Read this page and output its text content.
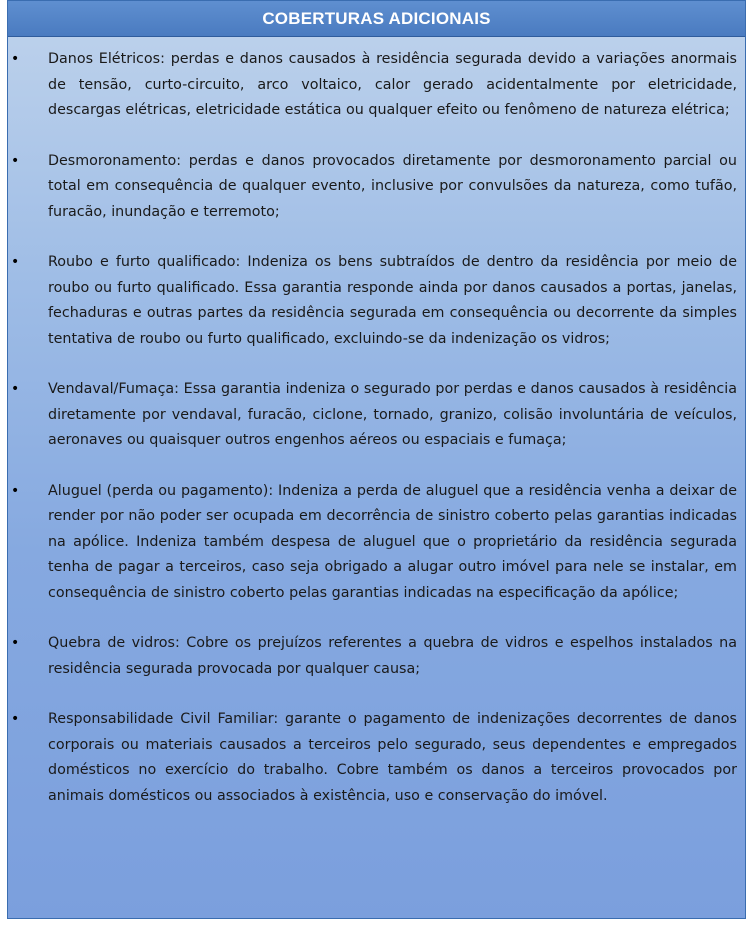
COBERTURAS ADICIONAIS
•	Danos Elétricos: perdas e danos causados à residência segurada devido a variações anormais de tensão, curto-circuito, arco voltaico, calor gerado acidentalmente por eletricidade, descargas elétricas, eletricidade estática ou qualquer efeito ou fenômeno de natureza elétrica;
•	Desmoronamento: perdas e danos provocados diretamente por desmoronamento parcial ou total em consequência de qualquer evento, inclusive por convulsões da natureza, como tufão, furacão, inundação e terremoto;
•	Roubo e furto qualificado: Indeniza os bens subtraídos de dentro da residência por meio de roubo ou furto qualificado. Essa garantia responde ainda por danos causados a portas, janelas, fechaduras e outras partes da residência segurada em consequência ou decorrente da simples tentativa de roubo ou furto qualificado, excluindo-se da indenização os vidros;
•	Vendaval/Fumaça: Essa garantia indeniza o segurado por perdas e danos causados à residência diretamente por vendaval, furacão, ciclone, tornado, granizo, colisão involuntária de veículos, aeronaves ou quaisquer outros engenhos aéreos ou espaciais e fumaça;
•	Aluguel (perda ou pagamento): Indeniza a perda de aluguel que a residência venha a deixar de render por não poder ser ocupada em decorrência de sinistro coberto pelas garantias indicadas na apólice. Indeniza também despesa de aluguel que o proprietário da residência segurada tenha de pagar a terceiros, caso seja obrigado a alugar outro imóvel para nele se instalar, em consequência de sinistro coberto pelas garantias indicadas na especificação da apólice;
•	Quebra de vidros: Cobre os prejuízos referentes a quebra de vidros e espelhos instalados na residência segurada provocada por qualquer causa;
•	Responsabilidade Civil Familiar: garante o pagamento de indenizações decorrentes de danos corporais ou materiais causados a terceiros pelo segurado, seus dependentes e empregados domésticos no exercício do trabalho. Cobre também os danos a terceiros provocados por animais domésticos ou associados à existência, uso e conservação do imóvel.
